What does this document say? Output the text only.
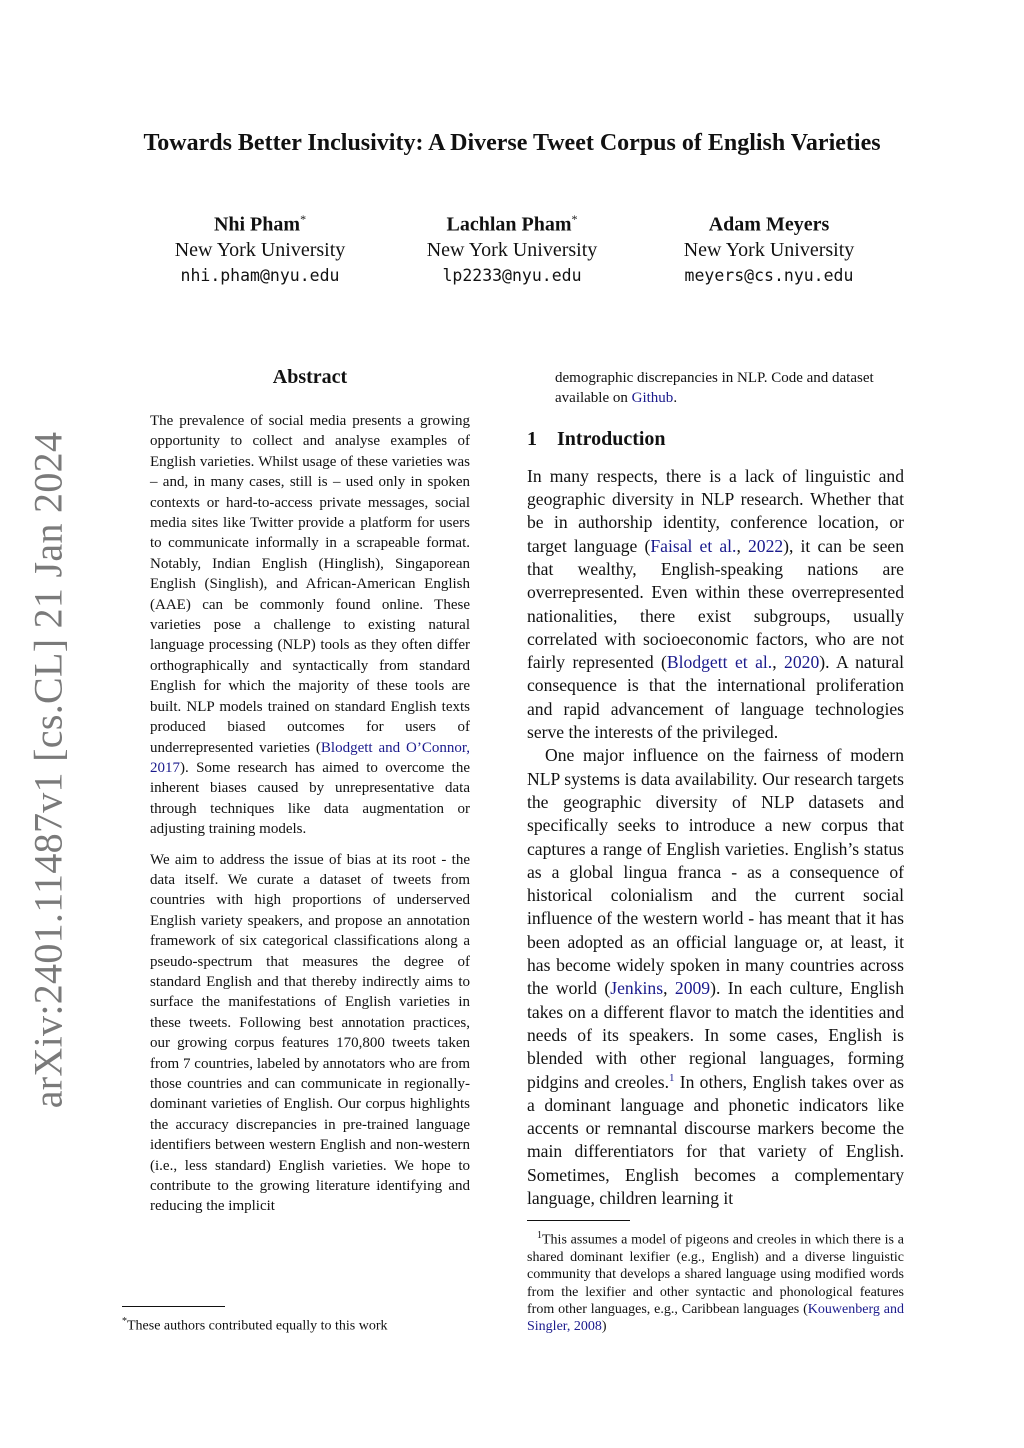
arXiv:2401.11487v1 [cs.CL] 21 Jan 2024
Towards Better Inclusivity: A Diverse Tweet Corpus of English Varieties
Nhi Pham*
New York University
nhi.pham@nyu.edu
Lachlan Pham*
New York University
lp2233@nyu.edu
Adam Meyers
New York University
meyers@cs.nyu.edu
Abstract

The prevalence of social media presents a growing opportunity to collect and analyse examples of English varieties. Whilst usage of these varieties was – and, in many cases, still is – used only in spoken contexts or hard-to-access private messages, social media sites like Twitter provide a platform for users to communicate informally in a scrapeable format. Notably, Indian English (Hinglish), Singaporean English (Singlish), and African-American English (AAE) can be commonly found online. These varieties pose a challenge to existing natural language processing (NLP) tools as they often differ orthographically and syntactically from standard English for which the majority of these tools are built. NLP models trained on standard English texts produced biased outcomes for users of underrepresented varieties (Blodgett and O’Connor, 2017). Some research has aimed to overcome the inherent biases caused by unrepresentative data through techniques like data augmentation or adjusting training models.

We aim to address the issue of bias at its root - the data itself. We curate a dataset of tweets from countries with high proportions of underserved English variety speakers, and propose an annotation framework of six categorical classifications along a pseudo-spectrum that measures the degree of standard English and that thereby indirectly aims to surface the manifestations of English varieties in these tweets. Following best annotation practices, our growing corpus features 170,800 tweets taken from 7 countries, labeled by annotators who are from those countries and can communicate in regionally-dominant varieties of English. Our corpus highlights the accuracy discrepancies in pre-trained language identifiers between western English and non-western (i.e., less standard) English varieties. We hope to contribute to the growing literature identifying and reducing the implicit

demographic discrepancies in NLP. Code and dataset available on Github.

1 Introduction

In many respects, there is a lack of linguistic and geographic diversity in NLP research. Whether that be in authorship identity, conference location, or target language (Faisal et al., 2022), it can be seen that wealthy, English-speaking nations are overrepresented. Even within these overrepresented nationalities, there exist subgroups, usually correlated with socioeconomic factors, who are not fairly represented (Blodgett et al., 2020). A natural consequence is that the international proliferation and rapid advancement of language technologies serve the interests of the privileged.

One major influence on the fairness of modern NLP systems is data availability. Our research targets the geographic diversity of NLP datasets and specifically seeks to introduce a new corpus that captures a range of English varieties. English’s status as a global lingua franca - as a consequence of historical colonialism and the current social influence of the western world - has meant that it has been adopted as an official language or, at least, it has become widely spoken in many countries across the world (Jenkins, 2009). In each culture, English takes on a different flavor to match the identities and needs of its speakers. In some cases, English is blended with other regional languages, forming pidgins and creoles.$^1$ In others, English takes over as a dominant language and phonetic indicators like accents or remnantal discourse markers become the main differentiators for that variety of English. Sometimes, English becomes a complementary language, children learning it

*These authors contributed equally to this work
$^1$This assumes a model of pigeons and creoles in which there is a shared dominant lexifier (e.g., English) and a diverse linguistic community that develops a shared language using modified words from the lexifier and other syntactic and phonological features from other languages, e.g., Caribbean languages (Kouwenberg and Singler, 2008)
